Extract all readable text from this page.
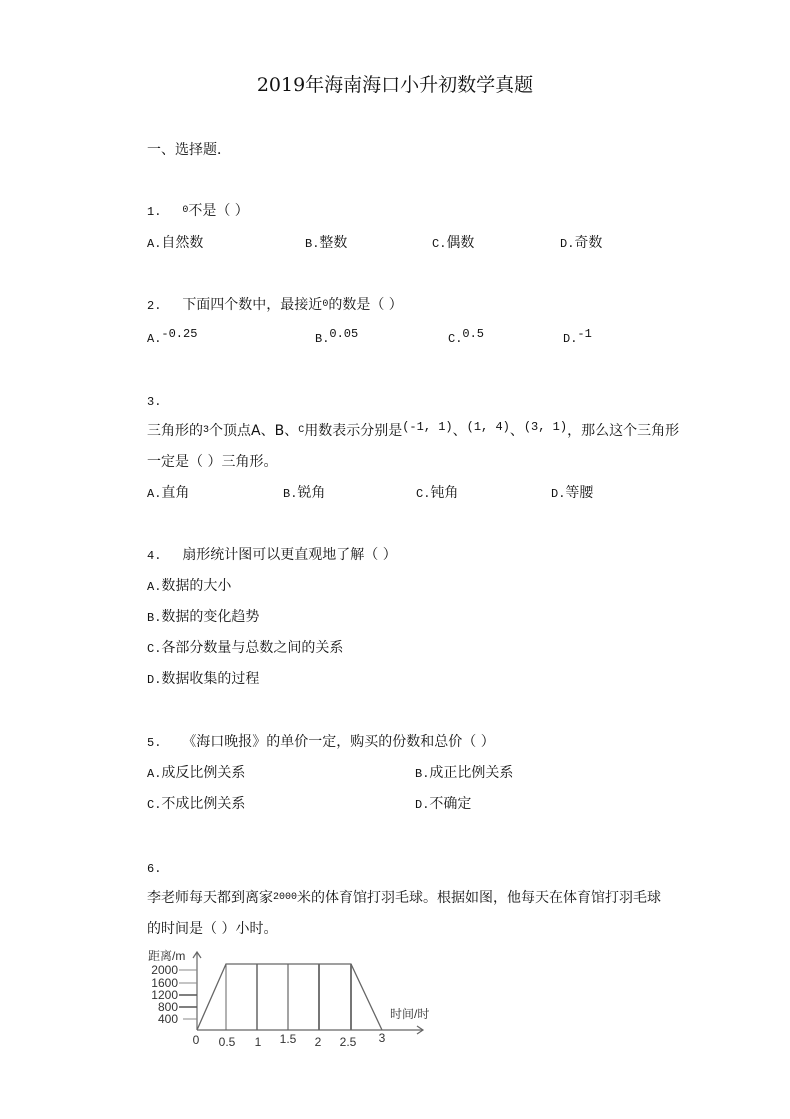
2019年海南海口小升初数学真题
一、选择题．
1. $^0$不是（ ）
A.自然数	B.整数	C.偶数	D.奇数
2. 下面四个数中，最接近$^0$的数是（ ）
A.-0.25	B.0.05	C.0.5	D.-1
3.
三角形的$^3$个顶点A、B、$^C$用数表示分别是(-1, 1)、(1, 4)、(3, 1)，那么这个三角形
一定是（ ）三角形。
A.直角	B.锐角	C.钝角	D.等腰
4. 扇形统计图可以更直观地了解（ ）
A.数据的大小
B.数据的变化趋势
C.各部分数量与总数之间的关系
D.数据收集的过程
5. 《海口晚报》的单价一定，购买的份数和总价（ ）
A.成反比例关系	B.成正比例关系
C.不成比例关系	D.不确定
6.
李老师每天都到离家$^{2000}$米的体育馆打羽毛球。根据如图，他每天在体育馆打羽毛球
的时间是（ ）小时。
距离/m
时间/时
2000
1600
1200
800
400
0 0.5 1 1.5 2 2.5 3
